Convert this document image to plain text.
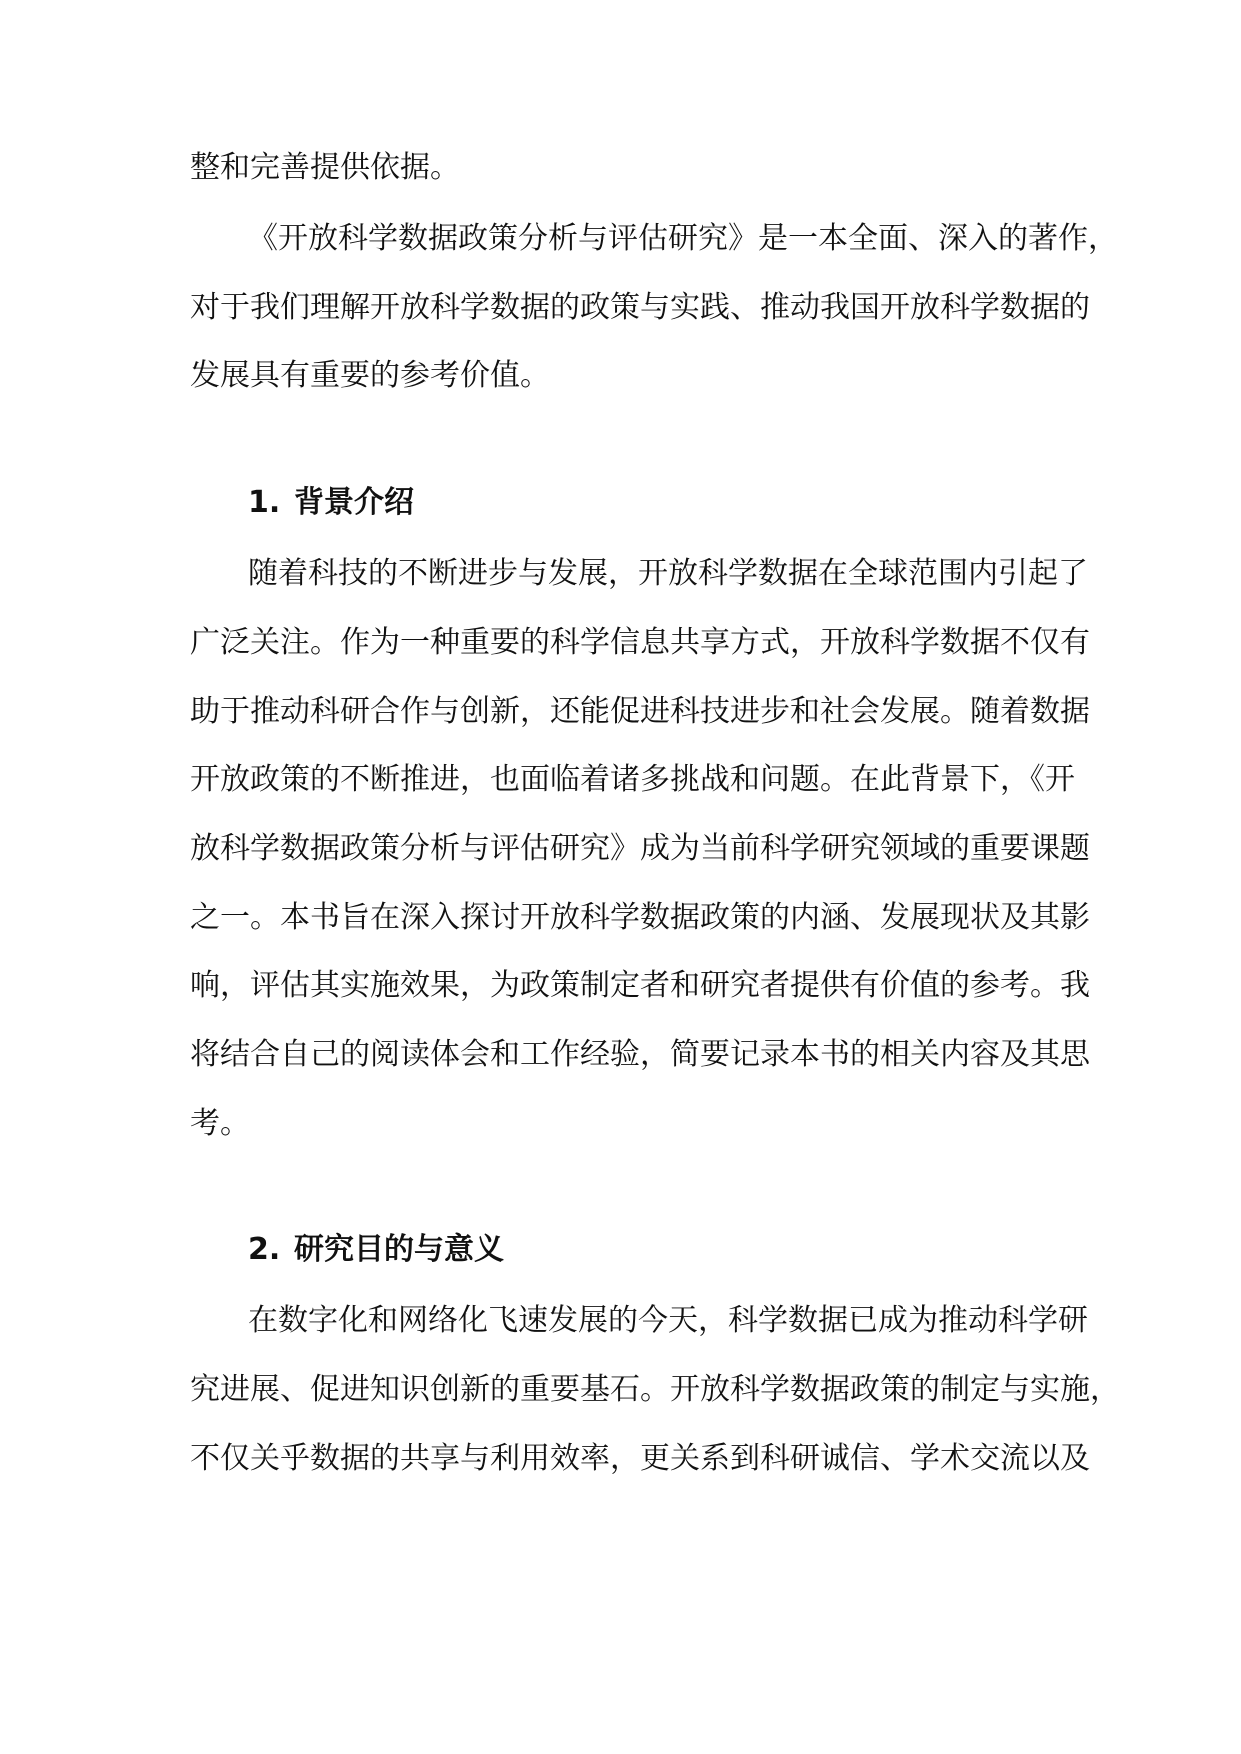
整和完善提供依据。
《开放科学数据政策分析与评估研究》是一本全面、深入的著作，
对于我们理解开放科学数据的政策与实践、推动我国开放科学数据的
发展具有重要的参考价值。
1. 背景介绍
随着科技的不断进步与发展，开放科学数据在全球范围内引起了
广泛关注。作为一种重要的科学信息共享方式，开放科学数据不仅有
助于推动科研合作与创新，还能促进科技进步和社会发展。随着数据
开放政策的不断推进，也面临着诸多挑战和问题。在此背景下，《开
放科学数据政策分析与评估研究》成为当前科学研究领域的重要课题
之一。本书旨在深入探讨开放科学数据政策的内涵、发展现状及其影
响，评估其实施效果，为政策制定者和研究者提供有价值的参考。我
将结合自己的阅读体会和工作经验，简要记录本书的相关内容及其思
考。
2. 研究目的与意义
在数字化和网络化飞速发展的今天，科学数据已成为推动科学研
究进展、促进知识创新的重要基石。开放科学数据政策的制定与实施，
不仅关乎数据的共享与利用效率，更关系到科研诚信、学术交流以及
